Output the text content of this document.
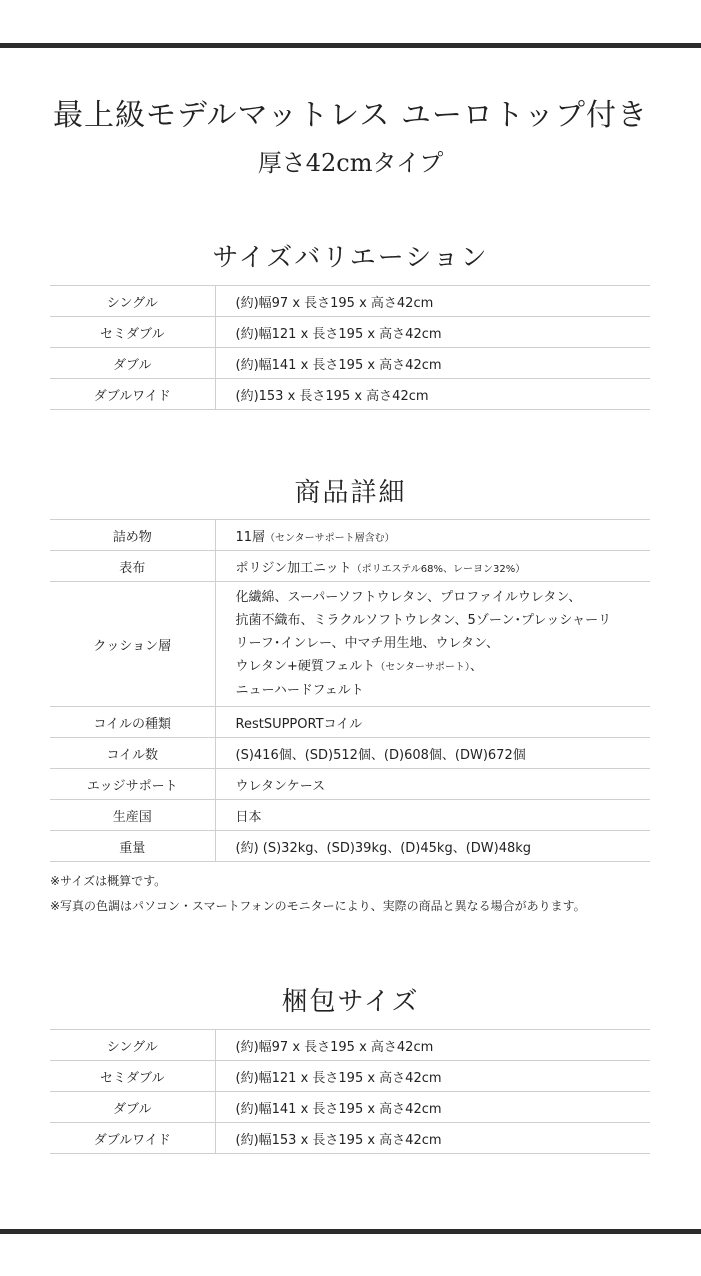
最上級モデルマットレス ユーロトップ付き
厚さ42cmタイプ
サイズバリエーション
シングル	(約)幅97 x 長さ195 x 高さ42cm
セミダブル	(約)幅121 x 長さ195 x 高さ42cm
ダブル	(約)幅141 x 長さ195 x 高さ42cm
ダブルワイド	(約)153 x 長さ195 x 高さ42cm
商品詳細
詰め物	11層（センターサポート層含む）
表布	ポリジン加工ニット（ポリエステル68%、レーヨン32%）
クッション層	化繊綿、スーパーソフトウレタン、プロファイルウレタン、
抗菌不織布、ミラクルソフトウレタン、5ゾーン･プレッシャーリ
リーフ･インレー、中マチ用生地、ウレタン、
ウレタン+硬質フェルト（センターサポート）、
ニューハードフェルト

コイルの種類	RestSUPPORTコイル
コイル数	(S)416個、(SD)512個、(D)608個、(DW)672個
エッジサポート	ウレタンケース
生産国	日本
重量	(約) (S)32kg、(SD)39kg、(D)45kg、(DW)48kg
※サイズは概算です。
※写真の色調はパソコン・スマートフォンのモニターにより、実際の商品と異なる場合があります。
梱包サイズ
シングル	(約)幅97 x 長さ195 x 高さ42cm
セミダブル	(約)幅121 x 長さ195 x 高さ42cm
ダブル	(約)幅141 x 長さ195 x 高さ42cm
ダブルワイド	(約)幅153 x 長さ195 x 高さ42cm
